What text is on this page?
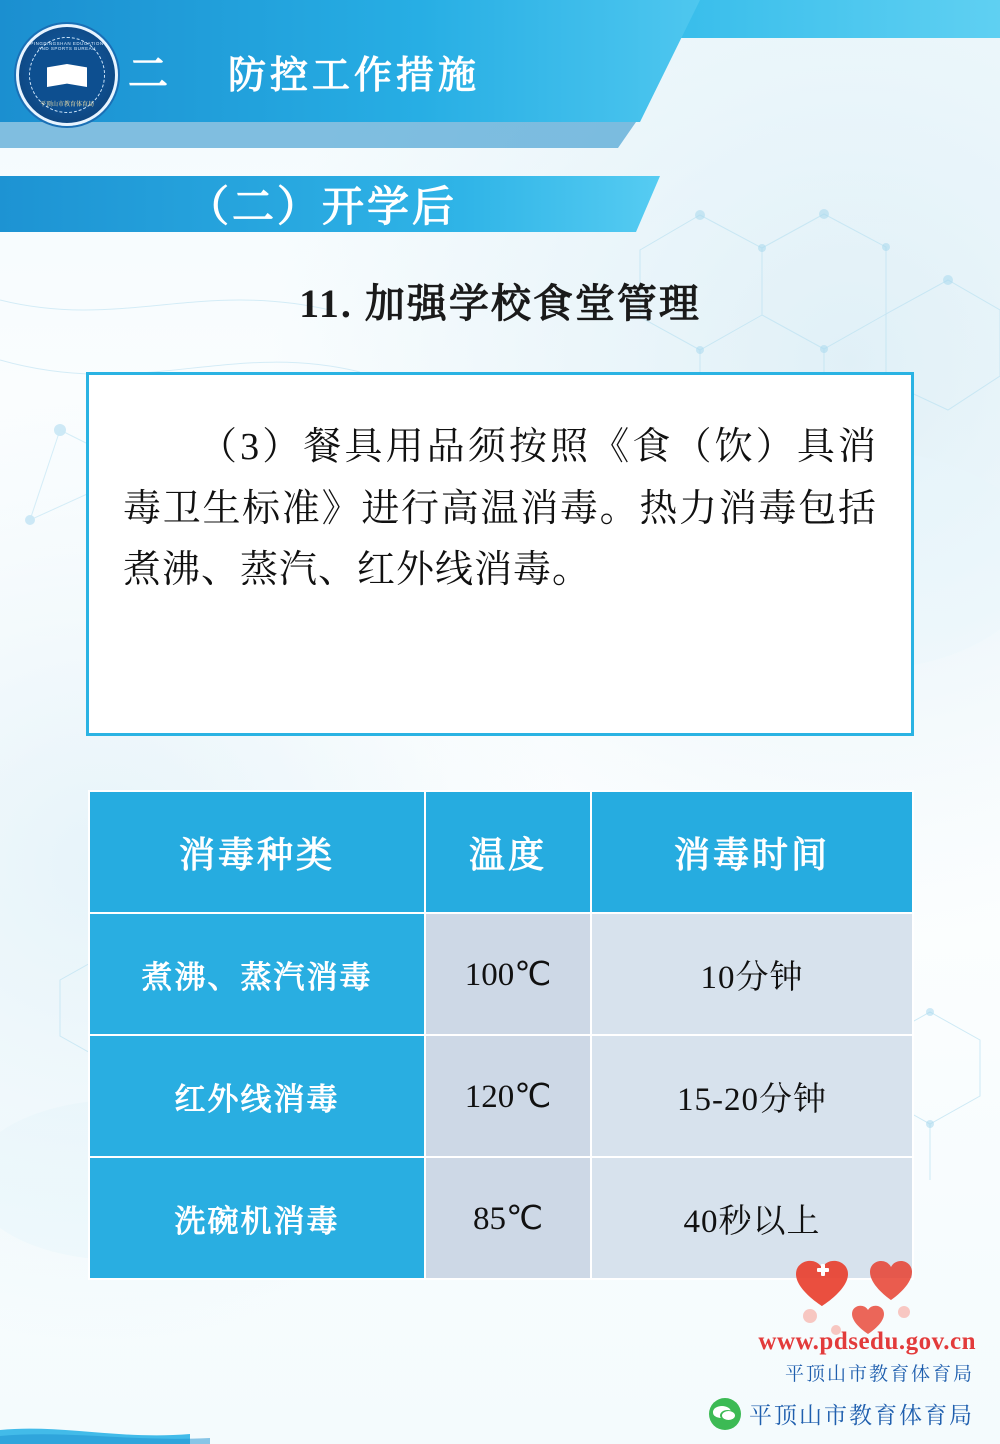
PINGDINGSHAN EDUCATION AND SPORTS BUREAU
平顶山市教育体育局
二 防控工作措施
（二）开学后
11. 加强学校食堂管理

（3）餐具用品须按照《食（饮）具消毒卫生标准》进行高温消毒。热力消毒包括煮沸、蒸汽、红外线消毒。

消毒种类	温度	消毒时间
煮沸、蒸汽消毒	100℃	10分钟
红外线消毒	120℃	15-20分钟
洗碗机消毒	85℃	40秒以上
www.pdsedu.gov.cn
平顶山市教育体育局
平顶山市教育体育局
